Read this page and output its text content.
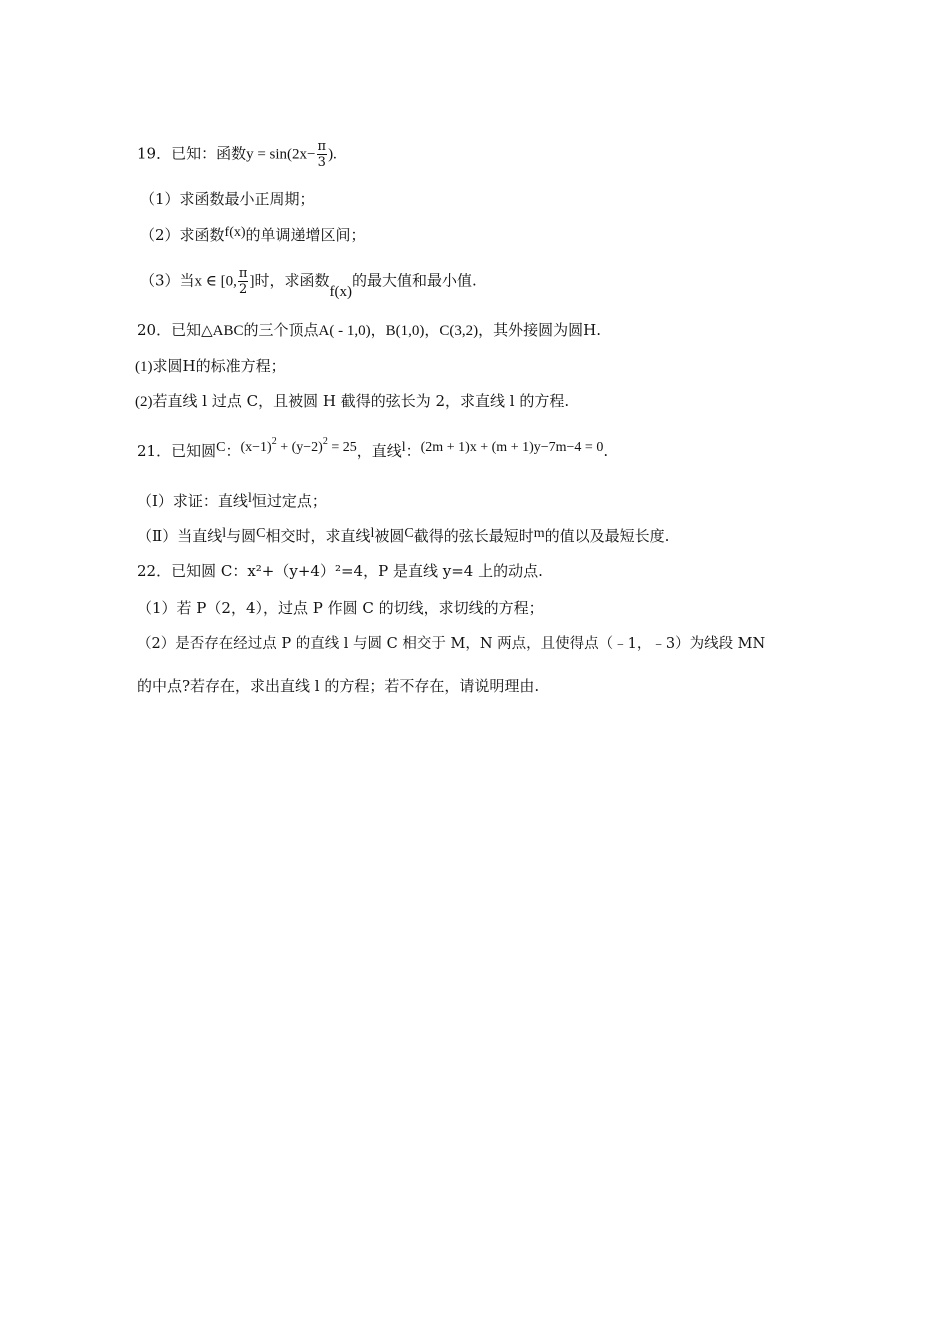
19．已知：函数$y = \sin(2x- \frac{\pi}{3}$ ).
（1）求函数最小正周期；
（2）求函数f(x)的单调递增区间；
（3）当x ∈ [0, $\frac{\pi}{2}$ ]时，求函数f(x)的最大值和最小值.
20．已知△ABC的三个顶点A( - 1,0)，B(1,0)，C(3,2)，其外接圆为圆H.
(1)求圆H的标准方程；
(2)若直线 l 过点 C，且被圆 H 截得的弦长为 2，求直线 l 的方程.
21．已知圆C：$(x-1)^2 + (y-2)^2 = 25$，直线l：(2m + 1)x + (m + 1)y−7m−4 = 0.
（Ⅰ）求证：直线l恒过定点；
（Ⅱ）当直线l与圆C相交时，求直线l被圆C截得的弦长最短时m的值以及最短长度.
22．已知圆 C：x²+（y+4）²=4，P 是直线 y=4 上的动点.
（1）若 P（2，4），过点 P 作圆 C 的切线，求切线的方程；
（2）是否存在经过点 P 的直线 l 与圆 C 相交于 M，N 两点，且使得点（﹣1，﹣3）为线段 MN
的中点?若存在，求出直线 l 的方程；若不存在，请说明理由.
